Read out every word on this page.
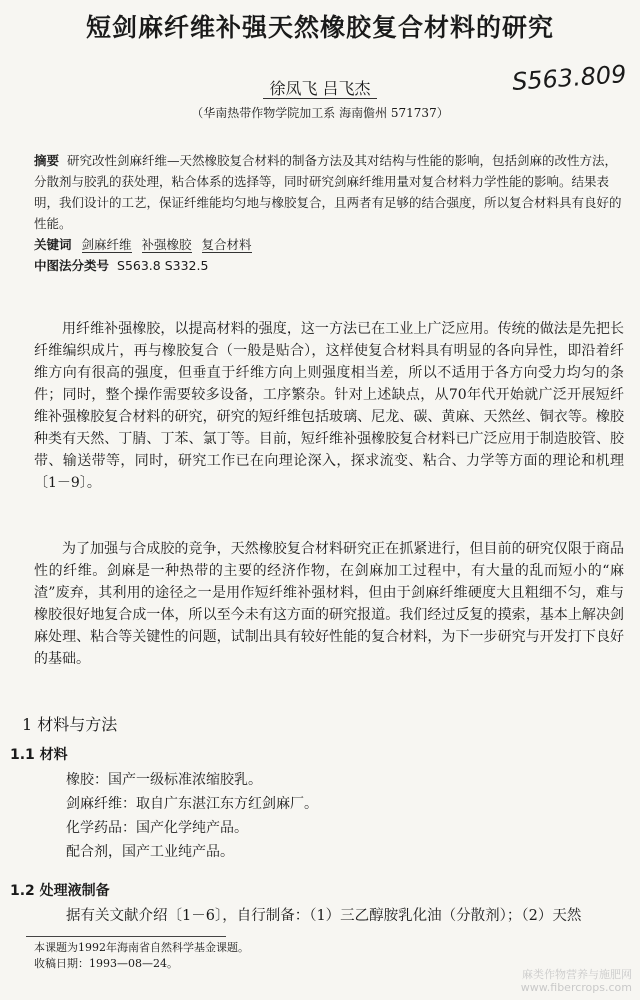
短剑麻纤维补强天然橡胶复合材料的研究
S563.809
徐凤飞 吕飞杰
（华南热带作物学院加工系 海南儋州 571737）
摘要 研究改性剑麻纤维—天然橡胶复合材料的制备方法及其对结构与性能的影响，包括剑麻的改性方法，分散剂与胶乳的获处理，粘合体系的选择等，同时研究剑麻纤维用量对复合材料力学性能的影响。结果表明，我们设计的工艺，保证纤维能均匀地与橡胶复合，且两者有足够的结合强度，所以复合材料具有良好的性能。
关键词 剑麻纤维 补强橡胶 复合材料
中图法分类号 S563.8 S332.5
用纤维补强橡胶，以提高材料的强度，这一方法已在工业上广泛应用。传统的做法是先把长纤维编织成片，再与橡胶复合（一般是贴合），这样使复合材料具有明显的各向异性，即沿着纤维方向有很高的强度，但垂直于纤维方向上则强度相当差，所以不适用于各方向受力均匀的条件；同时，整个操作需要较多设备，工序繁杂。针对上述缺点，从70年代开始就广泛开展短纤维补强橡胶复合材料的研究，研究的短纤维包括玻璃、尼龙、碳、黄麻、天然丝、铜衣等。橡胶种类有天然、丁腈、丁苯、氯丁等。目前，短纤维补强橡胶复合材料已广泛应用于制造胶管、胶带、输送带等，同时，研究工作已在向理论深入，探求流变、粘合、力学等方面的理论和机理〔1－9〕。
为了加强与合成胶的竞争，天然橡胶复合材料研究正在抓紧进行，但目前的研究仅限于商品性的纤维。剑麻是一种热带的主要的经济作物，在剑麻加工过程中，有大量的乱而短小的“麻渣”废弃，其利用的途径之一是用作短纤维补强材料，但由于剑麻纤维硬度大且粗细不匀，难与橡胶很好地复合成一体，所以至今未有这方面的研究报道。我们经过反复的摸索，基本上解决剑麻处理、粘合等关键性的问题，试制出具有较好性能的复合材料，为下一步研究与开发打下良好的基础。
1 材料与方法
1.1 材料
橡胶：国产一级标准浓缩胶乳。
剑麻纤维：取自广东湛江东方红剑麻厂。
化学药品：国产化学纯产品。
配合剂，国产工业纯产品。
1.2 处理液制备
据有关文献介绍〔1－6〕，自行制备：（1）三乙醇胺乳化油（分散剂）；（2）天然
本课题为1992年海南省自然科学基金课题。
收稿日期：1993—08—24。
麻类作物营养与施肥网
www.fibercrops.com
